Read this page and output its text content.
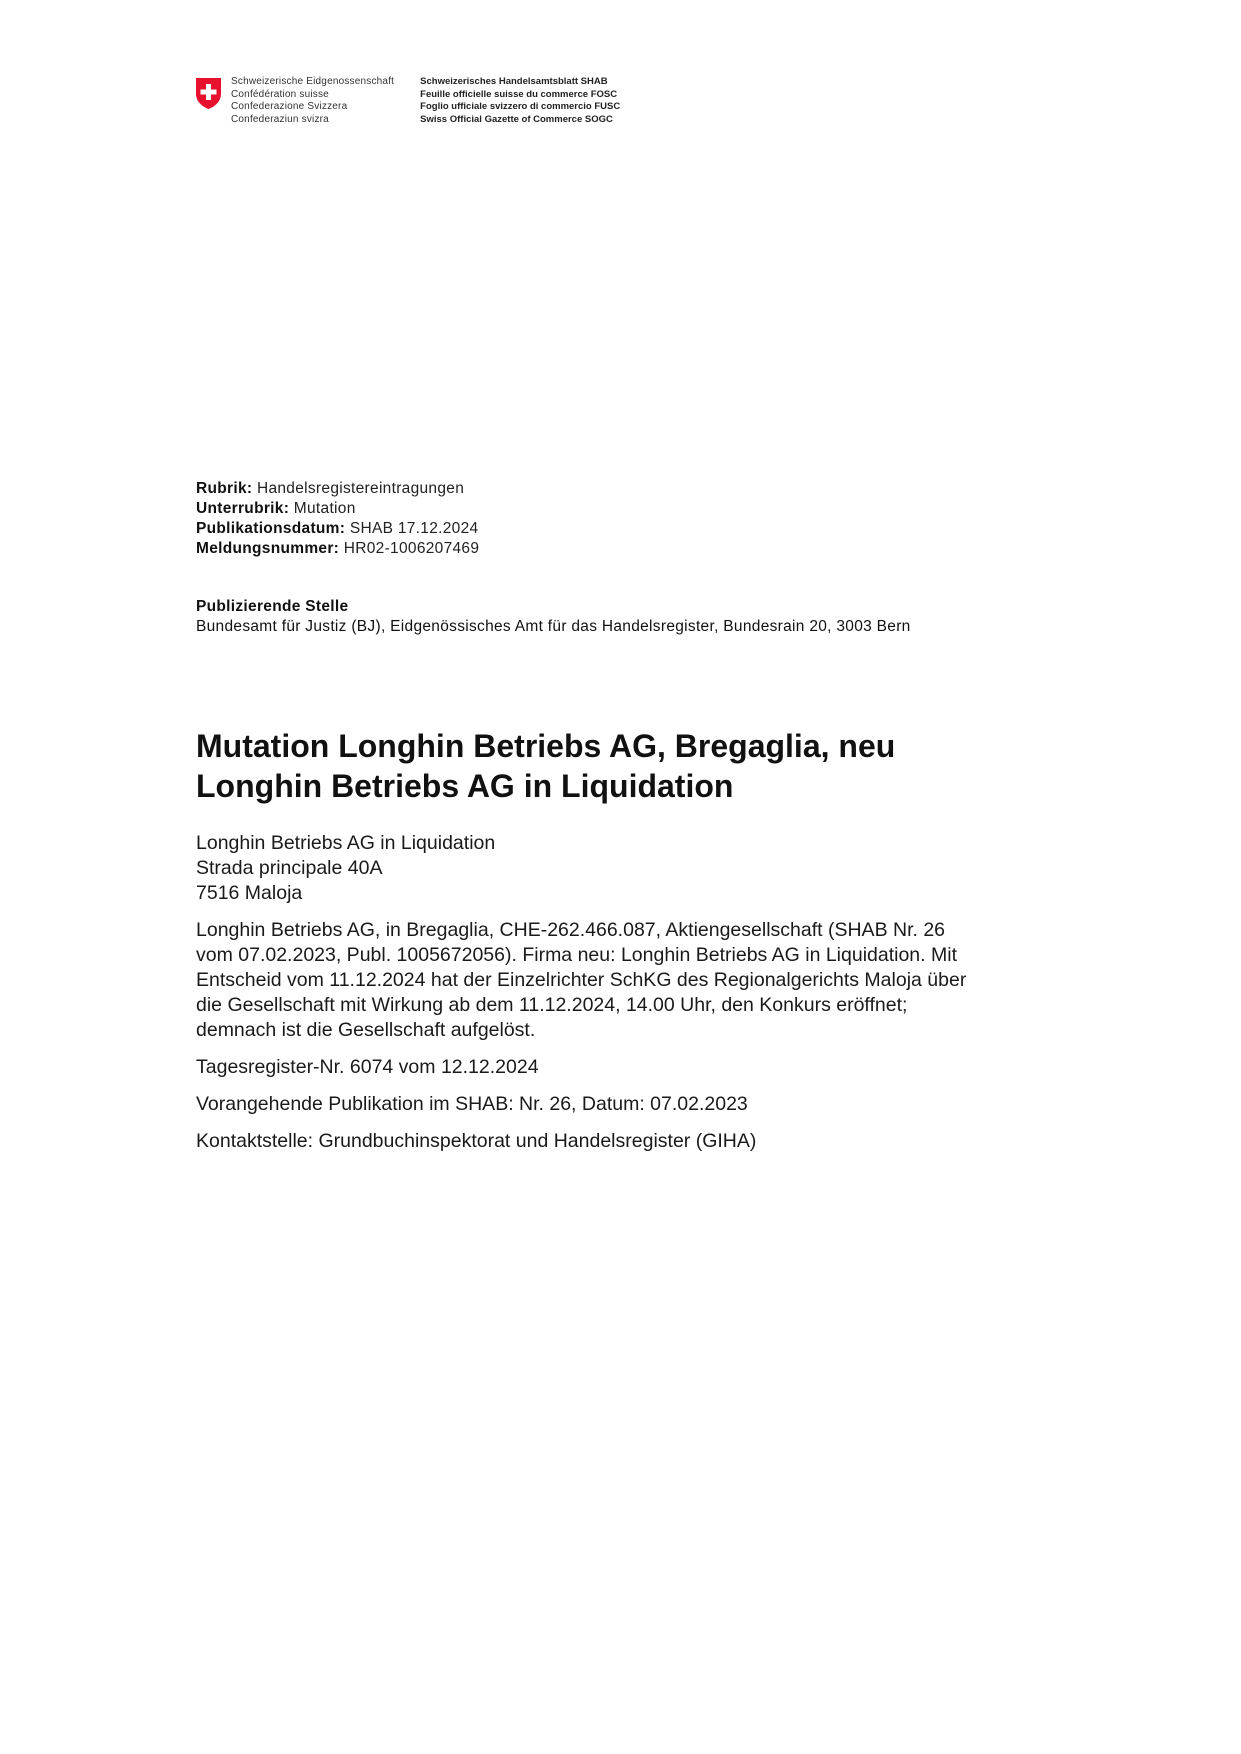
Schweizerische Eidgenossenschaft
Confédération suisse
Confederazione Svizzera
Confederaziun svizra
Schweizerisches Handelsamtsblatt SHAB
Feuille officielle suisse du commerce FOSC
Foglio ufficiale svizzero di commercio FUSC
Swiss Official Gazette of Commerce SOGC
Rubrik: Handelsregistereintragungen
Unterrubrik: Mutation
Publikationsdatum: SHAB 17.12.2024
Meldungsnummer: HR02-1006207469
Publizierende Stelle
Bundesamt für Justiz (BJ), Eidgenössisches Amt für das Handelsregister, Bundesrain 20, 3003 Bern
Mutation Longhin Betriebs AG, Bregaglia, neu
Longhin Betriebs AG in Liquidation
Longhin Betriebs AG in Liquidation
Strada principale 40A
7516 Maloja

Longhin Betriebs AG, in Bregaglia, CHE-262.466.087, Aktiengesellschaft (SHAB Nr. 26
vom 07.02.2023, Publ. 1005672056). Firma neu: Longhin Betriebs AG in Liquidation. Mit
Entscheid vom 11.12.2024 hat der Einzelrichter SchKG des Regionalgerichts Maloja über
die Gesellschaft mit Wirkung ab dem 11.12.2024, 14.00 Uhr, den Konkurs eröffnet;
demnach ist die Gesellschaft aufgelöst.

Tagesregister-Nr. 6074 vom 12.12.2024

Vorangehende Publikation im SHAB: Nr. 26, Datum: 07.02.2023

Kontaktstelle: Grundbuchinspektorat und Handelsregister (GIHA)
